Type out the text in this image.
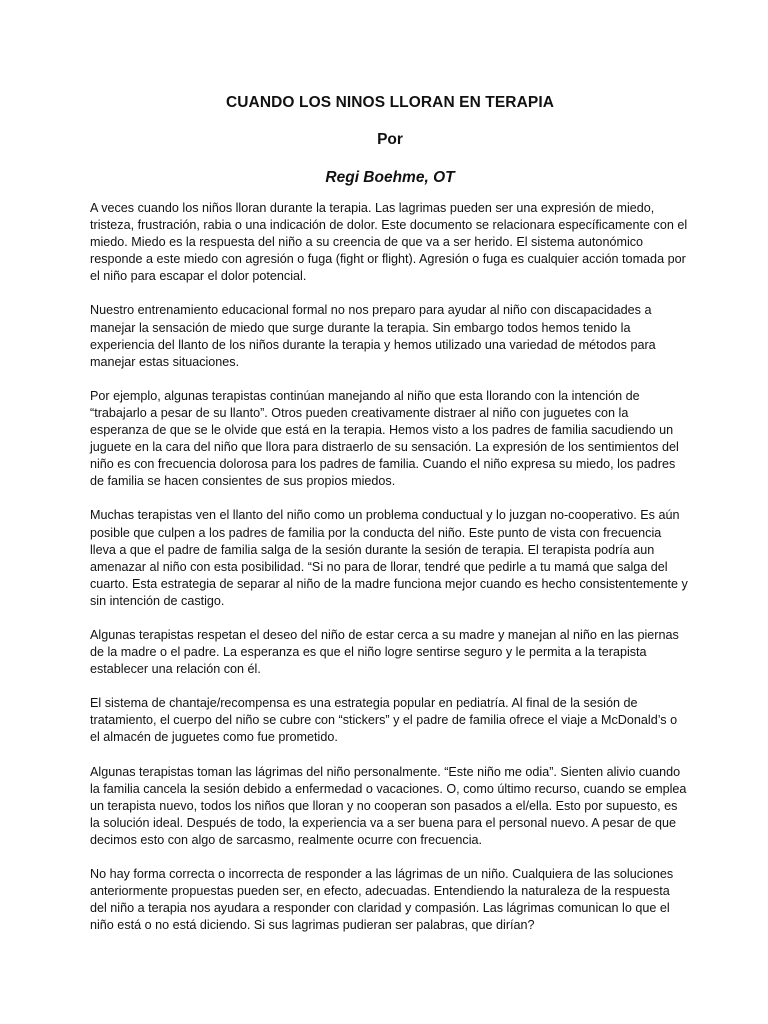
CUANDO LOS NINOS LLORAN EN TERAPIA
Por
Regi Boehme, OT

A veces cuando los niños lloran durante la terapia. Las lagrimas pueden ser una expresión de miedo, tristeza, frustración, rabia o una indicación de dolor. Este documento se relacionara específicamente con el miedo. Miedo es la respuesta del niño a su creencia de que va a ser herido. El sistema autonómico responde a este miedo con agresión o fuga (fight or flight). Agresión o fuga es cualquier acción tomada por el niño para escapar el dolor potencial.

Nuestro entrenamiento educacional formal no nos preparo para ayudar al niño con discapacidades a manejar la sensación de miedo que surge durante la terapia. Sin embargo todos hemos tenido la experiencia del llanto de los niños durante la terapia y hemos utilizado una variedad de métodos para manejar estas situaciones.

Por ejemplo, algunas terapistas continúan manejando al niño que esta llorando con la intención de “trabajarlo a pesar de su llanto”. Otros pueden creativamente distraer al niño con juguetes con la esperanza de que se le olvide que está en la terapia. Hemos visto a los padres de familia sacudiendo un juguete en la cara del niño que llora para distraerlo de su sensación. La expresión de los sentimientos del niño es con frecuencia dolorosa para los padres de familia. Cuando el niño expresa su miedo, los padres de familia se hacen consientes de sus propios miedos.

Muchas terapistas ven el llanto del niño como un problema conductual y lo juzgan no-cooperativo. Es aún posible que culpen a los padres de familia por la conducta del niño. Este punto de vista con frecuencia lleva a que el padre de familia salga de la sesión durante la sesión de terapia. El terapista podría aun amenazar al niño con esta posibilidad. “Si no para de llorar, tendré que pedirle a tu mamá que salga del cuarto. Esta estrategia de separar al niño de la madre funciona mejor cuando es hecho consistentemente y sin intención de castigo.

Algunas terapistas respetan el deseo del niño de estar cerca a su madre y manejan al niño en las piernas de la madre o el padre. La esperanza es que el niño logre sentirse seguro y le permita a la terapista establecer una relación con él.

El sistema de chantaje/recompensa es una estrategia popular en pediatría. Al final de la sesión de tratamiento, el cuerpo del niño se cubre con “stickers” y el padre de familia ofrece el viaje a McDonald’s o el almacén de juguetes como fue prometido.

Algunas terapistas toman las lágrimas del niño personalmente. “Este niño me odia”. Sienten alivio cuando la familia cancela la sesión debido a enfermedad o vacaciones. O, como último recurso, cuando se emplea un terapista nuevo, todos los niños que lloran y no cooperan son pasados a el/ella. Esto por supuesto, es la solución ideal. Después de todo, la experiencia va a ser buena para el personal nuevo. A pesar de que decimos esto con algo de sarcasmo, realmente ocurre con frecuencia.

No hay forma correcta o incorrecta de responder a las lágrimas de un niño. Cualquiera de las soluciones anteriormente propuestas pueden ser, en efecto, adecuadas. Entendiendo la naturaleza de la respuesta del niño a terapia nos ayudara a responder con claridad y compasión. Las lágrimas comunican lo que el niño está o no está diciendo. Si sus lagrimas pudieran ser palabras, que dirían?
